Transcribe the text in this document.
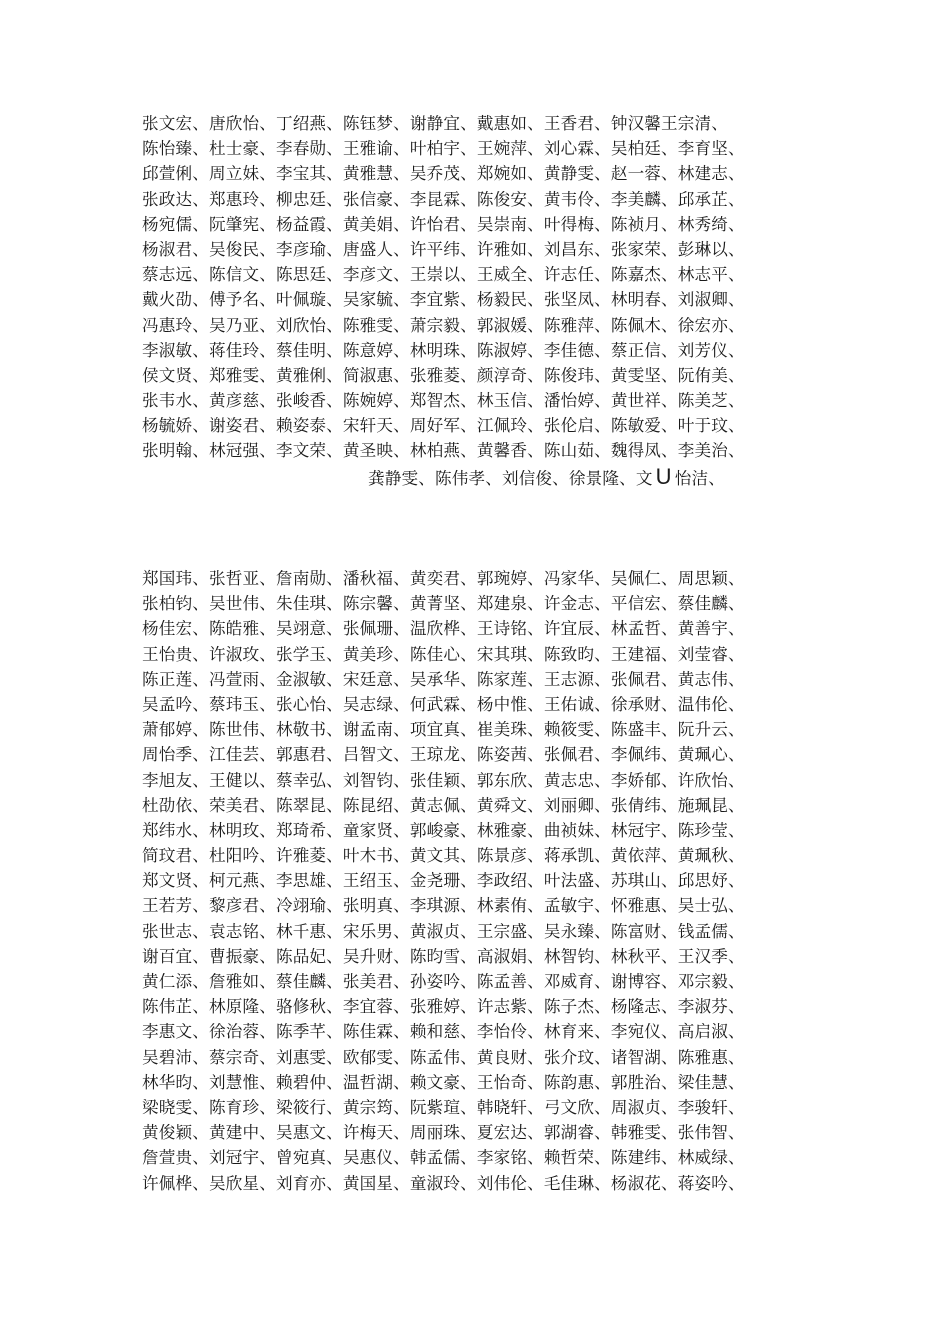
张文宏、唐欣怡、丁绍燕、陈钰梦、谢静宜、戴惠如、王香君、钟汉馨王宗清、
陈怡臻、杜士豪、李春勋、王雅谕、叶柏宇、王婉萍、刘心霖、吴柏廷、李育坚、
邱萱俐、周立妹、李宝其、黄雅慧、吴乔茂、郑婉如、黄静雯、赵一蓉、林建志、
张政达、郑惠玲、柳忠廷、张信豪、李昆霖、陈俊安、黄韦伶、李美麟、邱承芷、
杨宛儒、阮肇宪、杨益霞、黄美娟、许怡君、吴崇南、叶得梅、陈祯月、林秀绮、
杨淑君、吴俊民、李彦瑜、唐盛人、许平纬、许雅如、刘昌东、张家荣、彭琳以、
蔡志远、陈信文、陈思廷、李彦文、王崇以、王威全、许志任、陈嘉杰、林志平、
戴火劭、傅予名、叶佩璇、吴家毓、李宜紫、杨毅民、张坚凤、林明春、刘淑卿、
冯惠玲、吴乃亚、刘欣怡、陈雅雯、萧宗毅、郭淑媛、陈雅萍、陈佩木、徐宏亦、
李淑敏、蒋佳玲、蔡佳明、陈意婷、林明珠、陈淑婷、李佳德、蔡正信、刘芳仪、
侯文贤、郑雅雯、黄雅俐、简淑惠、张雅菱、颜淳奇、陈俊玮、黄雯坚、阮侑美、
张韦水、黄彦慈、张峻香、陈婉婷、郑智杰、林玉信、潘怡婷、黄世祥、陈美芝、
杨毓娇、谢姿君、赖姿泰、宋轩天、周好军、江佩玲、张伦启、陈敏爱、叶于玟、
张明翰、林冠强、李文荣、黄圣映、林柏燕、黄馨香、陈山茹、魏得凤、李美治、
龚静雯、陈伟孝、刘信俊、徐景隆、文 U 怡洁、
郑国玮、张哲亚、詹南勋、潘秋福、黄奕君、郭琬婷、冯家华、吴佩仁、周思颖、
张柏钧、吴世伟、朱佳琪、陈宗馨、黄菁坚、郑建泉、许金志、平信宏、蔡佳麟、
杨佳宏、陈皓雅、吴翊意、张佩珊、温欣桦、王诗铭、许宜辰、林孟哲、黄善宇、
王怡贵、许淑玫、张学玉、黄美珍、陈佳心、宋其琪、陈致昀、王建福、刘莹睿、
陈正莲、冯萱雨、金淑敏、宋廷意、吴承华、陈家莲、王志源、张佩君、黄志伟、
吴孟吟、蔡玮玉、张心怡、吴志绿、何武霖、杨中惟、王佑诚、徐承财、温伟伦、
萧郁婷、陈世伟、林敬书、谢孟南、项宜真、崔美珠、赖筱雯、陈盛丰、阮升云、
周怡季、江佳芸、郭惠君、吕智文、王琼龙、陈姿茜、张佩君、李佩纬、黄珮心、
李旭友、王健以、蔡幸弘、刘智钧、张佳颖、郭东欣、黄志忠、李娇郁、许欣怡、
杜劭依、荣美君、陈翠昆、陈昆绍、黄志佩、黄舜文、刘丽卿、张倩纬、施珮昆、
郑纬水、林明玫、郑琦希、童家贤、郭峻豪、林雅豪、曲祯妹、林冠宇、陈珍莹、
简玟君、杜阳吟、许雅菱、叶木书、黄文其、陈景彦、蒋承凯、黄依萍、黄珮秋、
郑文贤、柯元燕、李思雄、王绍玉、金尧珊、李政绍、叶法盛、苏琪山、邱思妤、
王若芳、黎彦君、冷翊瑜、张明真、李琪源、林素侑、孟敏宇、怀雅惠、吴士弘、
张世志、袁志铭、林千惠、宋乐男、黄淑贞、王宗盛、吴永臻、陈富财、钱孟儒、
谢百宜、曹振豪、陈品妃、吴升财、陈昀雪、高淑娟、林智钧、林秋平、王汉季、
黄仁添、詹雅如、蔡佳麟、张美君、孙姿吟、陈孟善、邓威育、谢博容、邓宗毅、
陈伟芷、林原隆、骆修秋、李宜蓉、张雅婷、许志紫、陈子杰、杨隆志、李淑芬、
李惠文、徐治蓉、陈季芊、陈佳霖、赖和慈、李怡伶、林育来、李宛仪、高启淑、
吴碧沛、蔡宗奇、刘惠雯、欧郁雯、陈孟伟、黄良财、张介玟、诸智湖、陈雅惠、
林华昀、刘慧惟、赖碧仲、温哲湖、赖文豪、王怡奇、陈韵惠、郭胜治、梁佳慧、
梁晓雯、陈育珍、梁筱行、黄宗筠、阮紫瑄、韩晓轩、弓文欣、周淑贞、李骏轩、
黄俊颖、黄建中、吴惠文、许梅天、周丽珠、夏宏达、郭湖睿、韩雅雯、张伟智、
詹萱贵、刘冠宇、曾宛真、吴惠仪、韩孟儒、李家铭、赖哲荣、陈建纬、林威绿、
许佩桦、吴欣星、刘育亦、黄国星、童淑玲、刘伟伦、毛佳琳、杨淑花、蒋姿吟、
